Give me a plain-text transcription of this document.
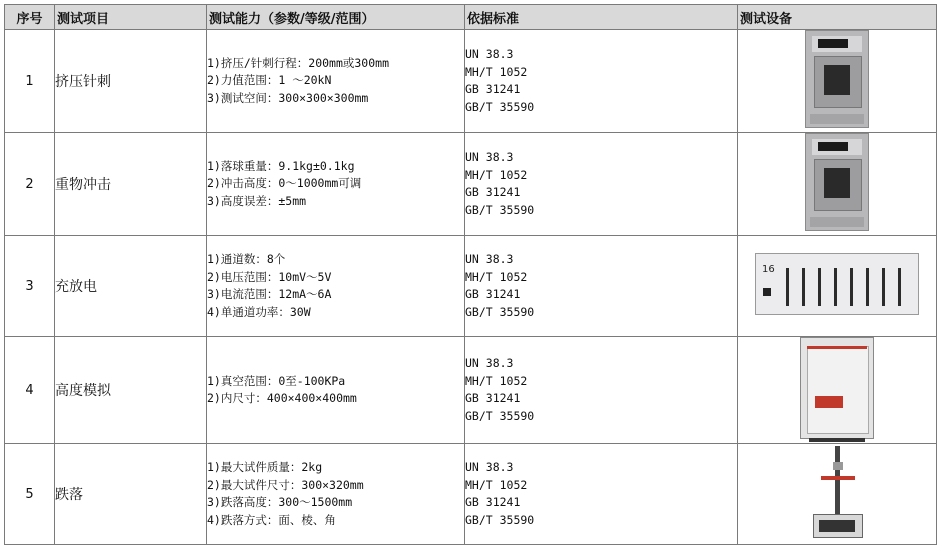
序号	测试项目	测试能力（参数/等级/范围）	依据标准	测试设备
1	挤压针刺	1)挤压/针刺行程：200mm或300mm
2)力值范围：1 ～20kN
3)测试空间：300×300×300mm	UN 38.3
MH/T 1052
GB 31241
GB/T 35590	

2	重物冲击	1)落球重量：9.1kg±0.1kg
2)冲击高度：0～1000mm可调
3)高度误差：±5mm	UN 38.3
MH/T 1052
GB 31241
GB/T 35590	

3	充放电	1)通道数：8个
2)电压范围：10mV～5V
3)电流范围：12mA～6A
4)单通道功率：30W	UN 38.3
MH/T 1052
GB 31241
GB/T 35590	16

4	高度模拟	1)真空范围：0至-100KPa
2)内尺寸：400×400×400mm	UN 38.3
MH/T 1052
GB 31241
GB/T 35590	

5	跌落	1)最大试件质量：2kg
2)最大试件尺寸：300×320mm
3)跌落高度：300～1500mm
4)跌落方式：面、棱、角	UN 38.3
MH/T 1052
GB 31241
GB/T 35590	
